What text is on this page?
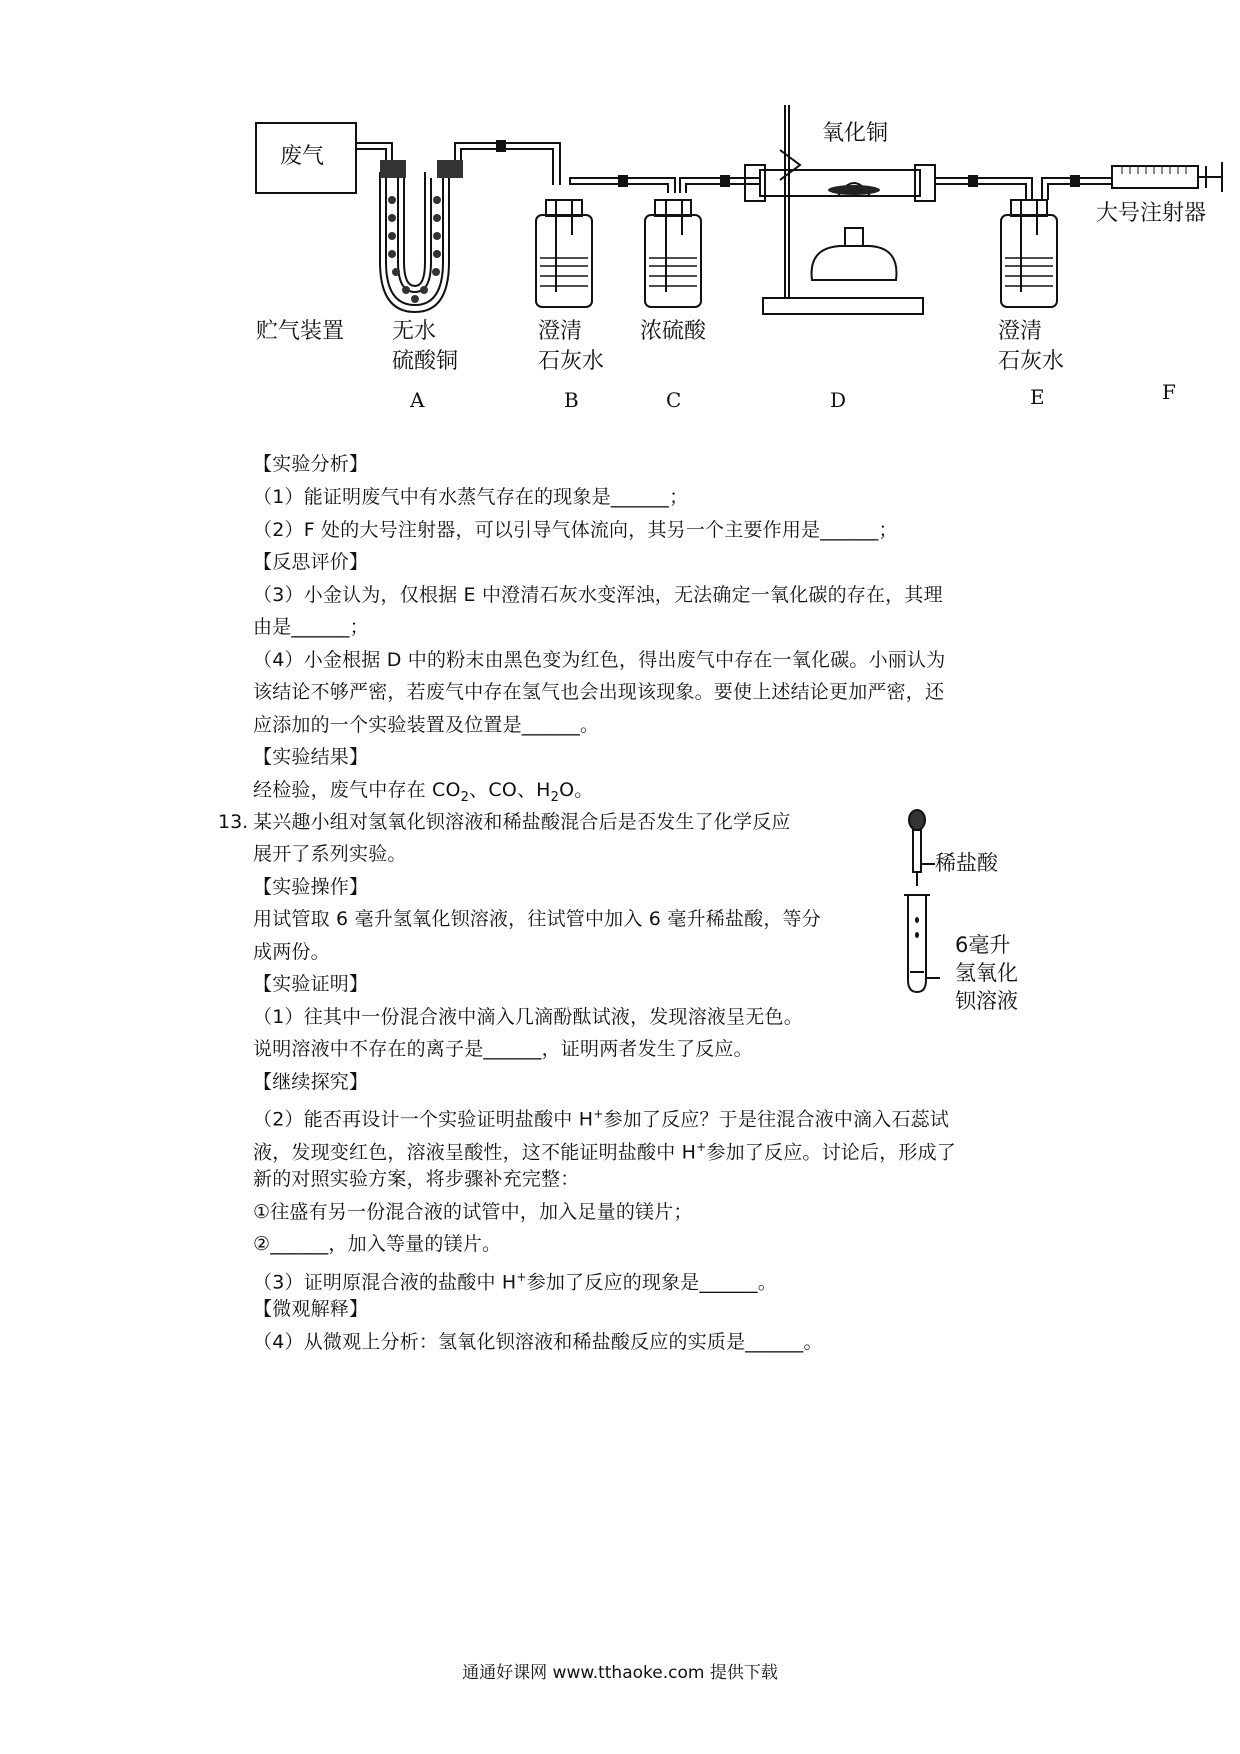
废气
贮气装置 无水
硫酸铜
澄清
石灰水
浓硫酸
氧化铜
澄清
石灰水
大号注射器
A	B	C	D	E	F
【实验分析】
（1）能证明废气中有水蒸气存在的现象是______；
（2）F 处的大号注射器，可以引导气体流向，其另一个主要作用是______；
【反思评价】
（3）小金认为，仅根据 E 中澄清石灰水变浑浊，无法确定一氧化碳的存在，其理
由是______；
（4）小金根据 D 中的粉末由黑色变为红色，得出废气中存在一氧化碳。小丽认为
该结论不够严密，若废气中存在氢气也会出现该现象。要使上述结论更加严密，还
应添加的一个实验装置及位置是______。
【实验结果】
经检验，废气中存在 $CO_2$、CO、$H_2O$。
13. 某兴趣小组对氢氧化钡溶液和稀盐酸混合后是否发生了化学反应
展开了系列实验。
【实验操作】
用试管取 6 毫升氢氧化钡溶液，往试管中加入 6 毫升稀盐酸，等分
成两份。
【实验证明】
（1）往其中一份混合液中滴入几滴酚酞试液，发现溶液呈无色。
说明溶液中不存在的离子是______，证明两者发生了反应。
【继续探究】
（2）能否再设计一个实验证明盐酸中 H+参加了反应？于是往混合液中滴入石蕊试
液，发现变红色，溶液呈酸性，这不能证明盐酸中 H+参加了反应。讨论后，形成了
新的对照实验方案，将步骤补充完整：
①往盛有另一份混合液的试管中，加入足量的镁片；
②______，加入等量的镁片。
（3）证明原混合液的盐酸中 H+参加了反应的现象是______。
【微观解释】
（4）从微观上分析：氢氧化钡溶液和稀盐酸反应的实质是______。
稀盐酸
6毫升
氢氧化
钡溶液
通通好课网 www.tthaoke.com 提供下载
